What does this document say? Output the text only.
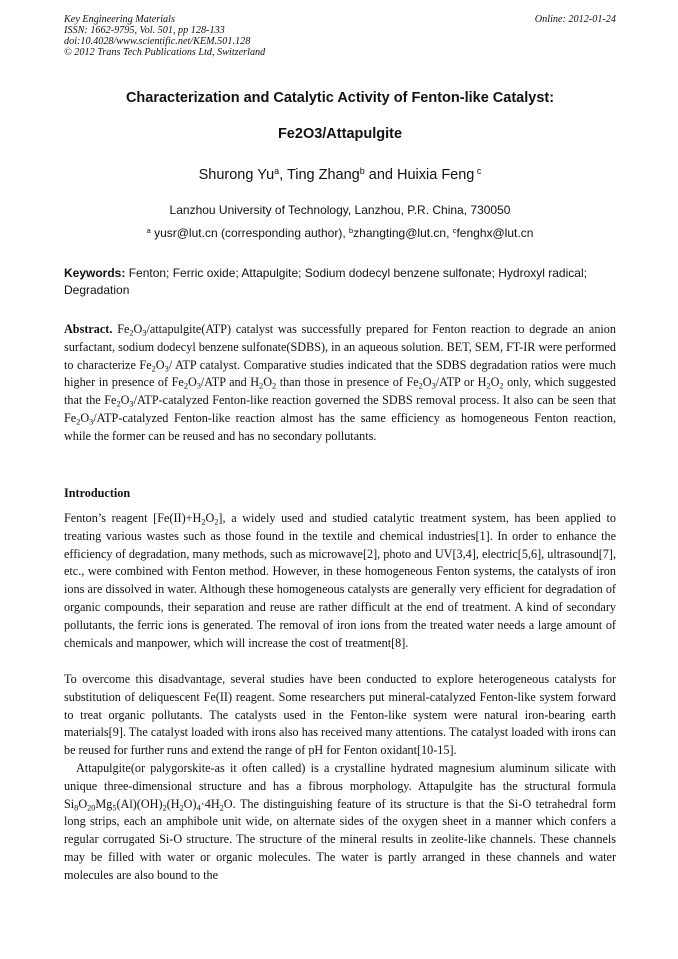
Key Engineering Materials	Online: 2012-01-24
ISSN: 1662-9795, Vol. 501, pp 128-133
doi:10.4028/www.scientific.net/KEM.501.128
© 2012 Trans Tech Publications Ltd, Switzerland
Characterization and Catalytic Activity of Fenton-like Catalyst:
Fe2O3/Attapulgite
Shurong Yu$^a$, Ting Zhang$^b$ and Huixia Feng $^c$
Lanzhou University of Technology, Lanzhou, P.R. China, 730050
$^a$ yusr@lut.cn (corresponding author), $^b$zhangting@lut.cn, $^c$fenghx@lut.cn
Keywords: Fenton; Ferric oxide; Attapulgite; Sodium dodecyl benzene sulfonate; Hydroxyl radical; Degradation
Abstract. $Fe_2O_3/attapulgite(ATP)$ catalyst was successfully prepared for Fenton reaction to degrade an anion surfactant, sodium dodecyl benzene sulfonate(SDBS), in an aqueous solution. BET, SEM, FT-IR were performed to characterize $Fe_2O_3/$ ATP catalyst. Comparative studies indicated that the SDBS degradation ratios were much higher in presence of $Fe_2O_3$/ATP and $H_2O_2$ than those in presence of $Fe_2O_3$/ATP or $H_2O_2$ only, which suggested that the $Fe_2O_3/ATP$-catalyzed Fenton-like reaction governed the SDBS removal process. It also can be seen that $Fe_2O_3/ATP$-catalyzed Fenton-like reaction almost has the same efficiency as homogeneous Fenton reaction, while the former can be reused and has no secondary pollutants.
Introduction
Fenton’s reagent $[Fe(II)+H_2O_2]$, a widely used and studied catalytic treatment system, has been applied to treating various wastes such as those found in the textile and chemical industries[1]. In order to enhance the efficiency of degradation, many methods, such as microwave[2], photo and UV[3,4], electric[5,6], ultrasound[7], etc., were combined with Fenton method. However, in these homogeneous Fenton systems, the catalysts of iron ions are dissolved in water. Although these homogeneous catalysts are generally very efficient for degradation of organic compounds, their separation and reuse are rather difficult at the end of treatment. A kind of secondary pollutants, the ferric ions is generated. The removal of iron ions from the treated water needs a large amount of chemicals and manpower, which will increase the cost of treatment[8].
To overcome this disadvantage, several studies have been conducted to explore heterogeneous catalysts for substitution of deliquescent Fe(II) reagent. Some researchers put mineral-catalyzed Fenton-like system forward to treat organic pollutants. The catalysts used in the Fenton-like system were natural iron-bearing earth materials[9]. The catalyst loaded with irons also has received many attentions. The catalyst loaded with irons can be reused for further runs and extend the range of pH for Fenton oxidant[10-15].
Attapulgite(or palygorskite-as it often called) is a crystalline hydrated magnesium aluminum silicate with unique three-dimensional structure and has a fibrous morphology. Attapulgite has the structural formula $Si_8O_{20}Mg_5(Al)(OH)_2(H_2O)_4\cdot 4H_2O$. The distinguishing feature of its structure is that the Si-O tetrahedral form long strips, each an amphibole unit wide, on alternate sides of the oxygen sheet in a manner which confers a regular corrugated Si-O structure. The structure of the mineral results in zeolite-like channels. These channels may be filled with water or organic molecules. The water is partly arranged in these channels and water molecules are also bound to the
